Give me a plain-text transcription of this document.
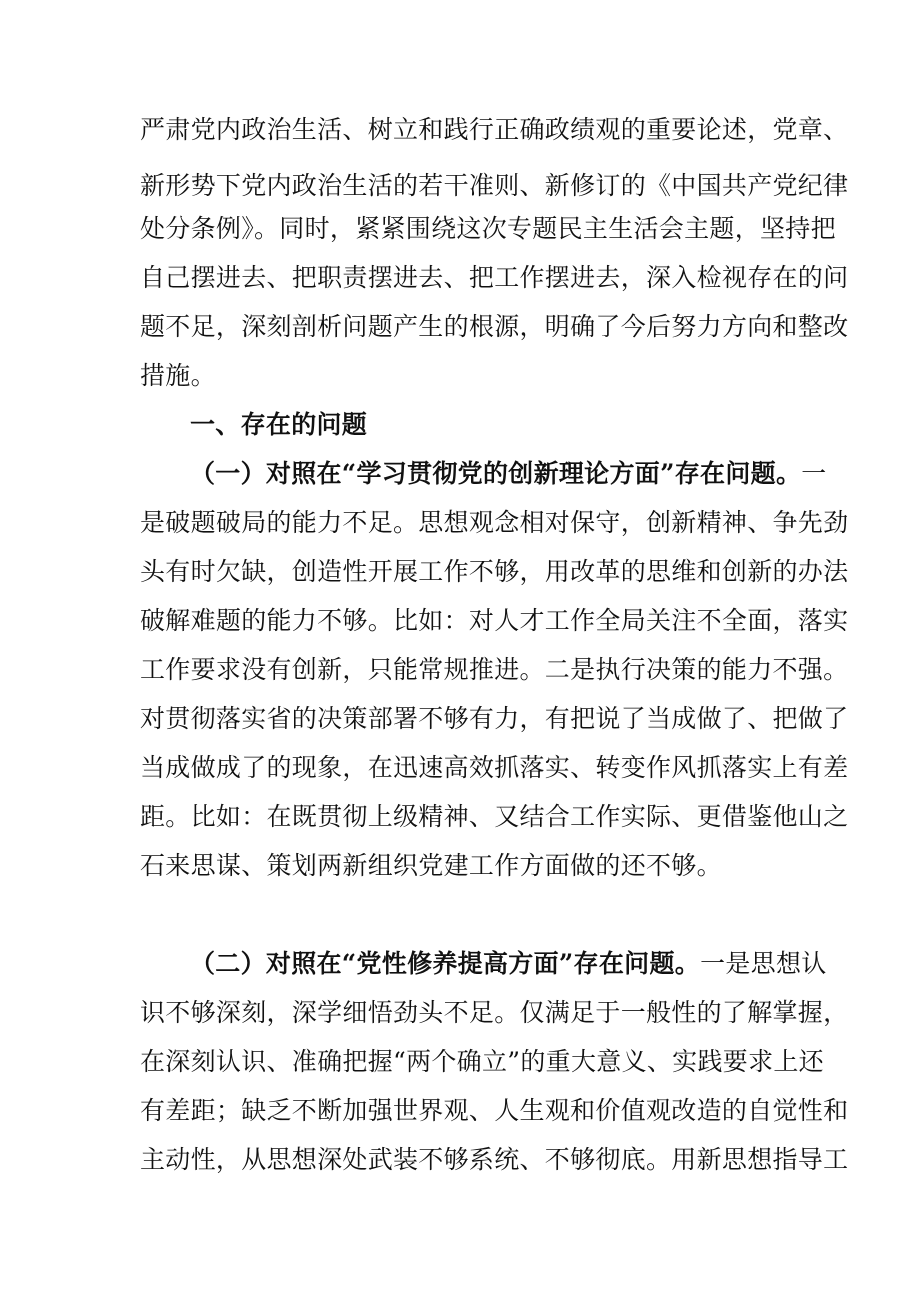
严肃党内政治生活、树立和践行正确政绩观的重要论述，党章、
新形势下党内政治生活的若干准则、新修订的《中国共产党纪律
处分条例》。同时，紧紧围绕这次专题民主生活会主题，坚持把
自己摆进去、把职责摆进去、把工作摆进去，深入检视存在的问
题不足，深刻剖析问题产生的根源，明确了今后努力方向和整改
措施。
一、存在的问题
（一）对照在“学习贯彻党的创新理论方面”存在问题。一
是破题破局的能力不足。思想观念相对保守，创新精神、争先劲
头有时欠缺，创造性开展工作不够，用改革的思维和创新的办法
破解难题的能力不够。比如：对人才工作全局关注不全面，落实
工作要求没有创新，只能常规推进。二是执行决策的能力不强。
对贯彻落实省的决策部署不够有力，有把说了当成做了、把做了
当成做成了的现象，在迅速高效抓落实、转变作风抓落实上有差
距。比如：在既贯彻上级精神、又结合工作实际、更借鉴他山之
石来思谋、策划两新组织党建工作方面做的还不够。
（二）对照在“党性修养提高方面”存在问题。一是思想认
识不够深刻，深学细悟劲头不足。仅满足于一般性的了解掌握，
在深刻认识、准确把握“两个确立”的重大意义、实践要求上还
有差距；缺乏不断加强世界观、人生观和价值观改造的自觉性和
主动性，从思想深处武装不够系统、不够彻底。用新思想指导工
